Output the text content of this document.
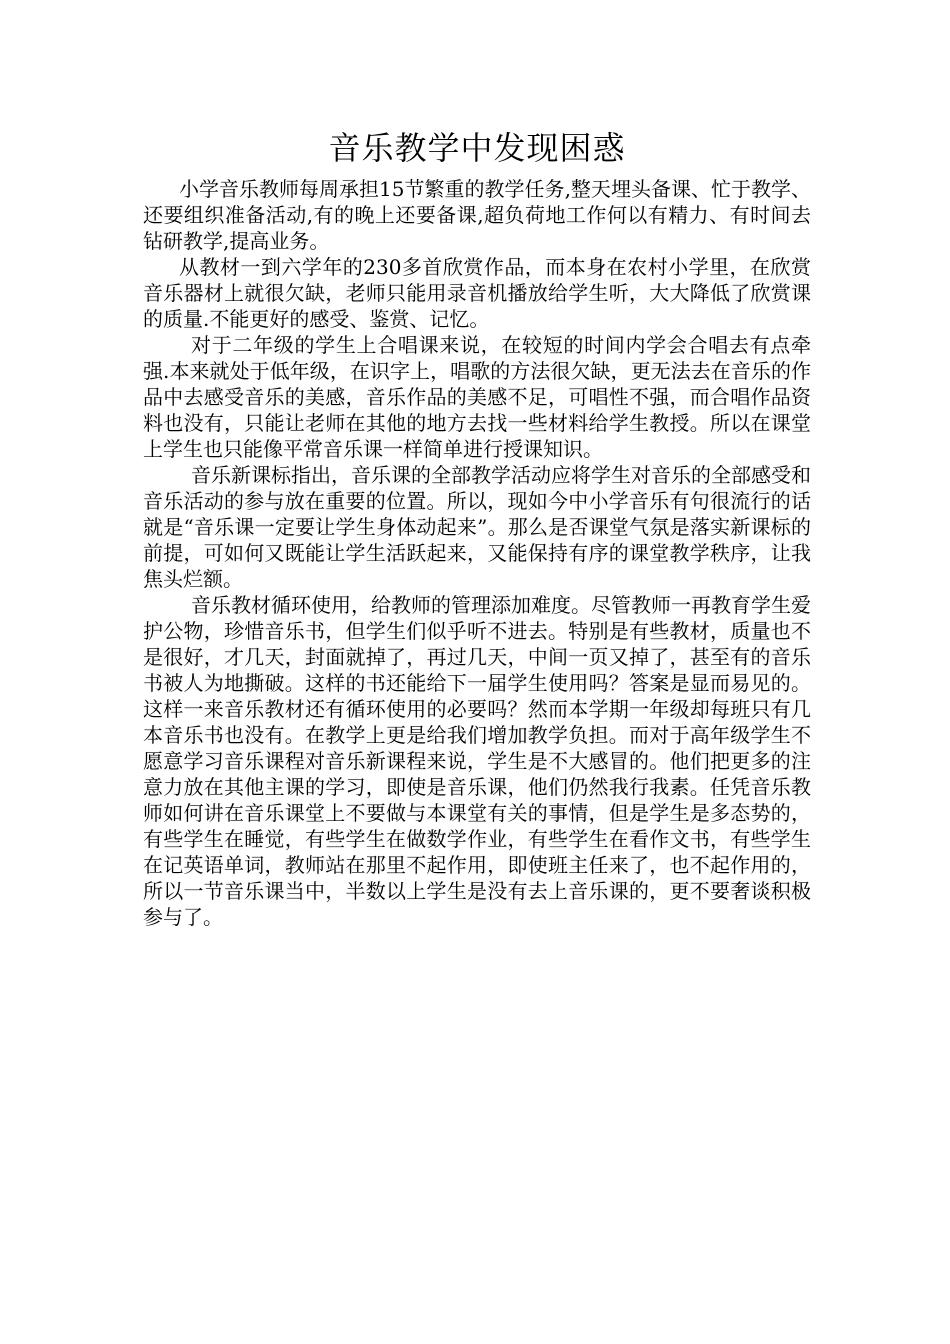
音乐教学中发现困惑

小学音乐教师每周承担15节繁重的教学任务,整天埋头备课、忙于教学、还要组织准备活动,有的晚上还要备课,超负荷地工作何以有精力、有时间去钻研教学,提高业务。

从教材一到六学年的230多首欣赏作品，而本身在农村小学里，在欣赏音乐器材上就很欠缺，老师只能用录音机播放给学生听，大大降低了欣赏课的质量.不能更好的感受、鉴赏、记忆。

对于二年级的学生上合唱课来说，在较短的时间内学会合唱去有点牵强.本来就处于低年级，在识字上，唱歌的方法很欠缺，更无法去在音乐的作品中去感受音乐的美感，音乐作品的美感不足，可唱性不强，而合唱作品资料也没有，只能让老师在其他的地方去找一些材料给学生教授。所以在课堂上学生也只能像平常音乐课一样简单进行授课知识。

音乐新课标指出，音乐课的全部教学活动应将学生对音乐的全部感受和音乐活动的参与放在重要的位置。所以，现如今中小学音乐有句很流行的话就是“音乐课一定要让学生身体动起来”。那么是否课堂气氛是落实新课标的前提，可如何又既能让学生活跃起来，又能保持有序的课堂教学秩序，让我焦头烂额。

音乐教材循环使用，给教师的管理添加难度。尽管教师一再教育学生爱护公物，珍惜音乐书，但学生们似乎听不进去。特别是有些教材，质量也不是很好，才几天，封面就掉了，再过几天，中间一页又掉了，甚至有的音乐书被人为地撕破。这样的书还能给下一届学生使用吗？答案是显而易见的。这样一来音乐教材还有循环使用的必要吗？然而本学期一年级却每班只有几本音乐书也没有。在教学上更是给我们增加教学负担。而对于高年级学生不愿意学习音乐课程对音乐新课程来说，学生是不大感冒的。他们把更多的注意力放在其他主课的学习，即使是音乐课，他们仍然我行我素。任凭音乐教师如何讲在音乐课堂上不要做与本课堂有关的事情，但是学生是多态势的，有些学生在睡觉，有些学生在做数学作业，有些学生在看作文书，有些学生在记英语单词，教师站在那里不起作用，即使班主任来了，也不起作用的，所以一节音乐课当中，半数以上学生是没有去上音乐课的，更不要奢谈积极参与了。
